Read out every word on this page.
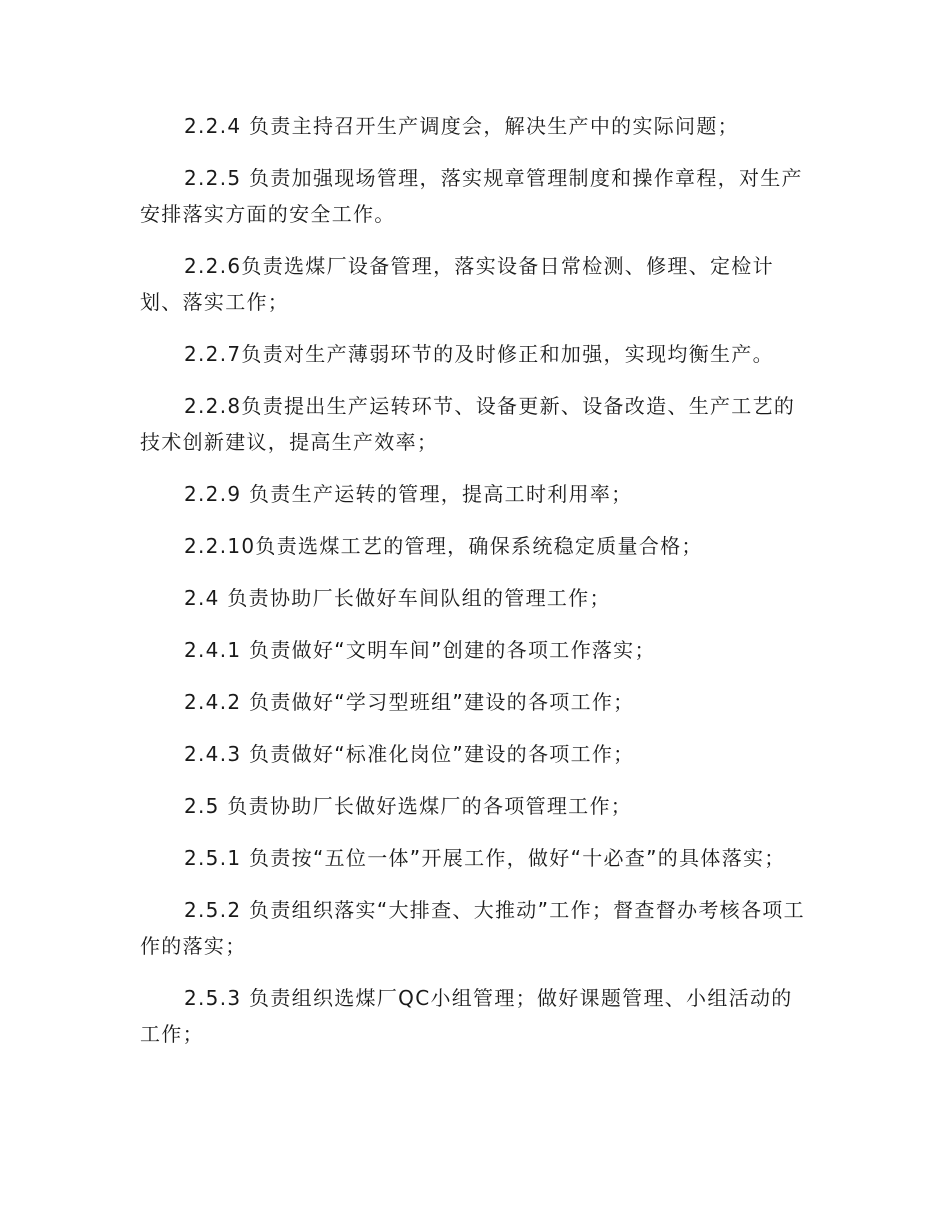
2.2.4 负责主持召开生产调度会，解决生产中的实际问题；

2.2.5 负责加强现场管理，落实规章管理制度和操作章程，对生产安排落实方面的安全工作。

2.2.6负责选煤厂设备管理，落实设备日常检测、修理、定检计划、落实工作；

2.2.7负责对生产薄弱环节的及时修正和加强，实现均衡生产。

2.2.8负责提出生产运转环节、设备更新、设备改造、生产工艺的技术创新建议，提高生产效率；

2.2.9 负责生产运转的管理，提高工时利用率；

2.2.10负责选煤工艺的管理，确保系统稳定质量合格；

2.4 负责协助厂长做好车间队组的管理工作；

2.4.1 负责做好“文明车间”创建的各项工作落实；

2.4.2 负责做好“学习型班组”建设的各项工作；

2.4.3 负责做好“标准化岗位”建设的各项工作；

2.5 负责协助厂长做好选煤厂的各项管理工作；

2.5.1 负责按“五位一体”开展工作，做好“十必查”的具体落实；

2.5.2 负责组织落实“大排查、大推动”工作；督查督办考核各项工作的落实；

2.5.3 负责组织选煤厂QC小组管理；做好课题管理、小组活动的工作；
